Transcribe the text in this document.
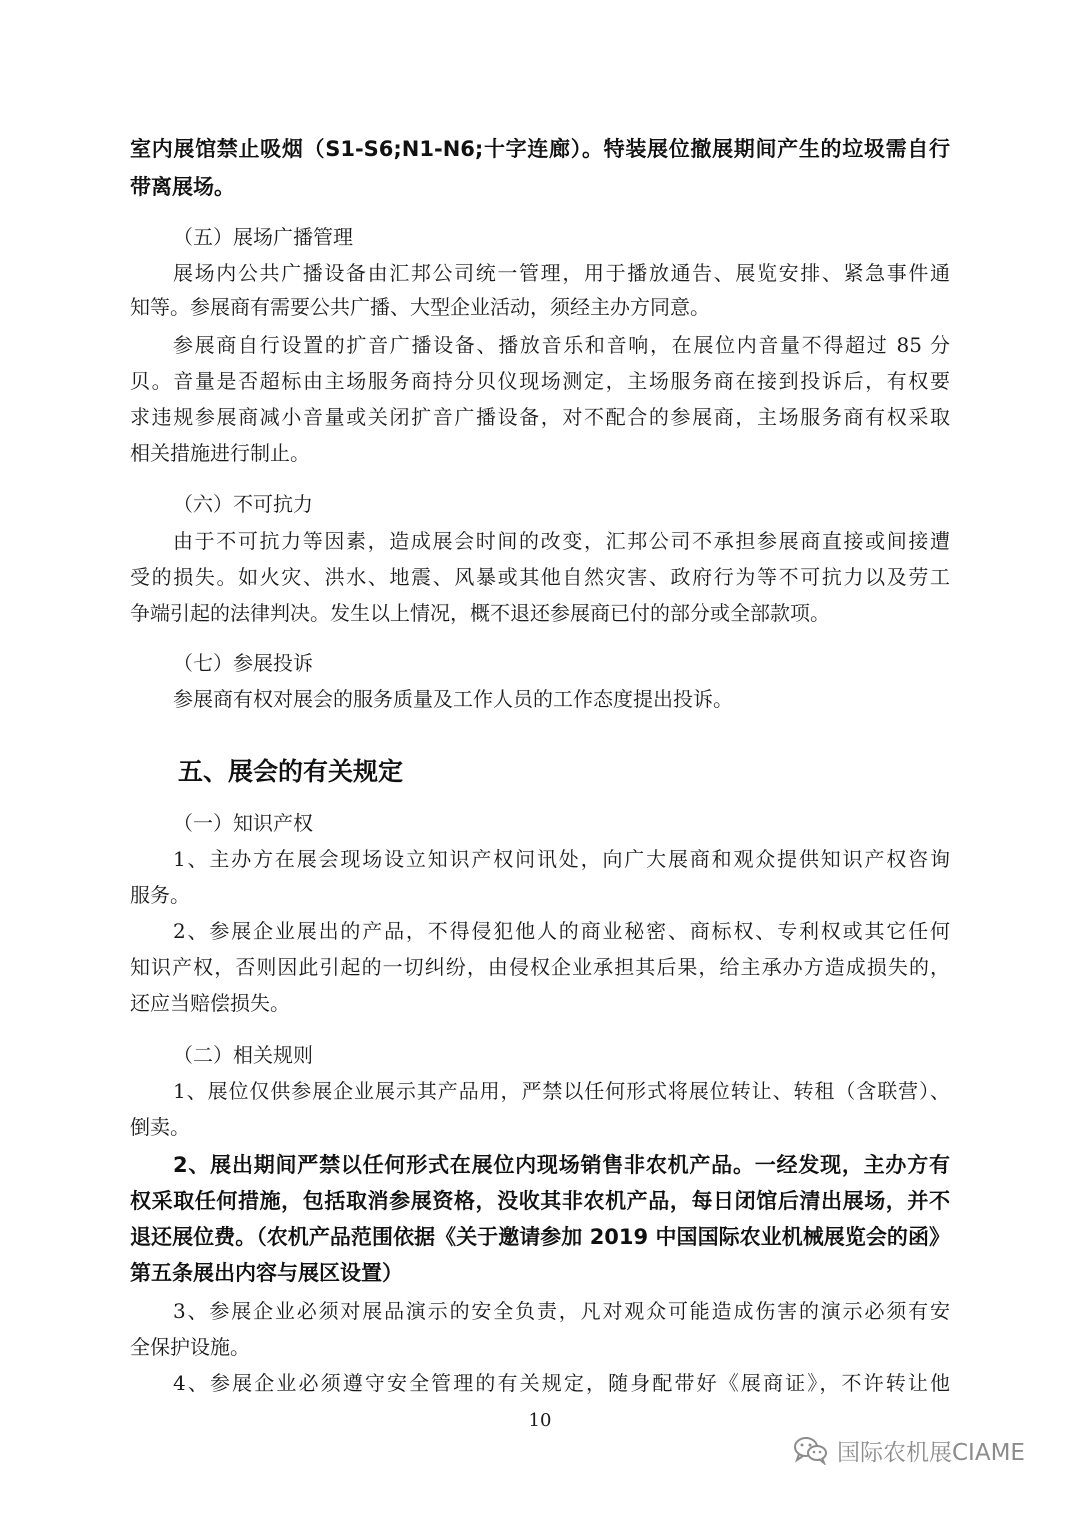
室内展馆禁止吸烟（S1-S6;N1-N6;十字连廊）。特装展位撤展期间产生的垃圾需自行
带离展场。
（五）展场广播管理
展场内公共广播设备由汇邦公司统一管理，用于播放通告、展览安排、紧急事件通
知等。参展商有需要公共广播、大型企业活动，须经主办方同意。
参展商自行设置的扩音广播设备、播放音乐和音响，在展位内音量不得超过 85 分
贝。音量是否超标由主场服务商持分贝仪现场测定，主场服务商在接到投诉后，有权要
求违规参展商减小音量或关闭扩音广播设备，对不配合的参展商，主场服务商有权采取
相关措施进行制止。
（六）不可抗力
由于不可抗力等因素，造成展会时间的改变，汇邦公司不承担参展商直接或间接遭
受的损失。如火灾、洪水、地震、风暴或其他自然灾害、政府行为等不可抗力以及劳工
争端引起的法律判决。发生以上情况，概不退还参展商已付的部分或全部款项。
（七）参展投诉
参展商有权对展会的服务质量及工作人员的工作态度提出投诉。
（一）知识产权
1、主办方在展会现场设立知识产权问讯处，向广大展商和观众提供知识产权咨询
服务。
2、参展企业展出的产品，不得侵犯他人的商业秘密、商标权、专利权或其它任何
知识产权，否则因此引起的一切纠纷，由侵权企业承担其后果，给主承办方造成损失的，
还应当赔偿损失。
（二）相关规则
1、展位仅供参展企业展示其产品用，严禁以任何形式将展位转让、转租（含联营）、
倒卖。
2、展出期间严禁以任何形式在展位内现场销售非农机产品。一经发现，主办方有
权采取任何措施，包括取消参展资格，没收其非农机产品，每日闭馆后清出展场，并不
退还展位费。（农机产品范围依据《关于邀请参加 2019 中国国际农业机械展览会的函》
第五条展出内容与展区设置）
3、参展企业必须对展品演示的安全负责，凡对观众可能造成伤害的演示必须有安
全保护设施。
4、参展企业必须遵守安全管理的有关规定，随身配带好《展商证》，不许转让他
五、展会的有关规定
10
国际农机展CIAME
